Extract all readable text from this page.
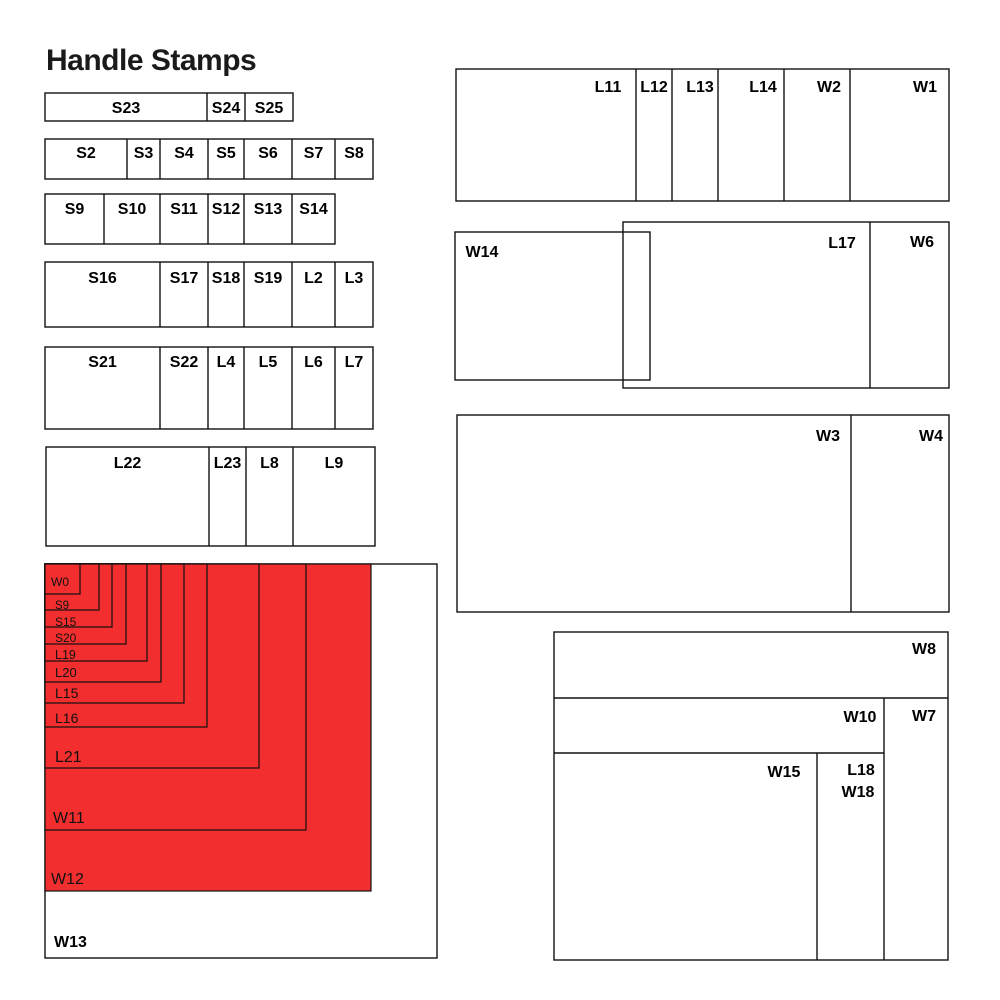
Handle Stamps
S23	S24 S25
S2 S3 S4 S5 S6 S7 S8
S9 S10 S11 S12 S13 S14
S16	S17 S18 S19 L2 L3
S21	S22 L4 L5 L6 L7
L22	L23 L8	L9
L11 L12 L13 L14	W2	W1
W14
L17	W6
W3	W4
W8
W10 W7
W15	L18
W18
W0
S9
S15
S20
L19
L20
L15
L16
L21
W11
W12
W13
